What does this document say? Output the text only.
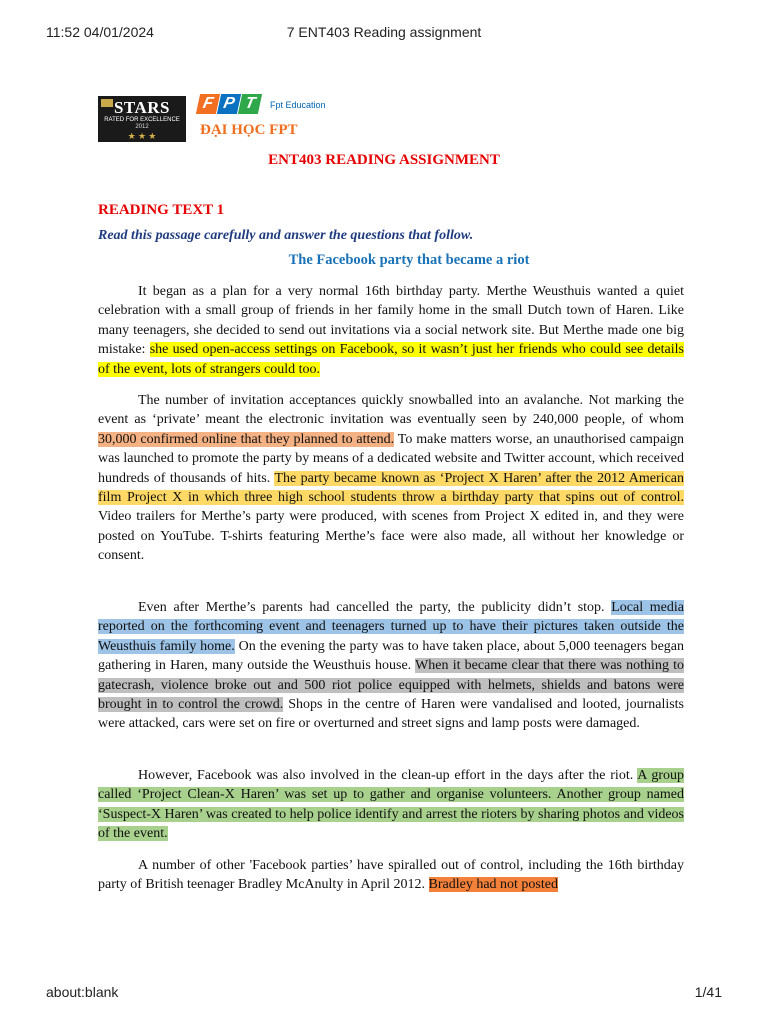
11:52 04/01/2024	7 ENT403 Reading assignment
STARS
RATED FOR EXCELLENCE
2012
★ ★ ★
F P T Fpt Education
ĐẠI HỌC FPT
ENT403 READING ASSIGNMENT
READING TEXT 1
Read this passage carefully and answer the questions that follow.
The Facebook party that became a riot
It began as a plan for a very normal 16th birthday party. Merthe Weusthuis wanted a quiet celebration with a small group of friends in her family home in the small Dutch town of Haren. Like many teenagers, she decided to send out invitations via a social network site. But Merthe made one big mistake: she used open-access settings on Facebook, so it wasn’t just her friends who could see details of the event, lots of strangers could too.
The number of invitation acceptances quickly snowballed into an avalanche. Not marking the event as ‘private’ meant the electronic invitation was eventually seen by 240,000 people, of whom 30,000 confirmed online that they planned to attend. To make matters worse, an unauthorised campaign was launched to promote the party by means of a dedicated website and Twitter account, which received hundreds of thousands of hits. The party became known as ‘Project X Haren’ after the 2012 American film Project X in which three high school students throw a birthday party that spins out of control. Video trailers for Merthe’s party were produced, with scenes from Project X edited in, and they were posted on YouTube. T-shirts featuring Merthe’s face were also made, all without her knowledge or consent.
Even after Merthe’s parents had cancelled the party, the publicity didn’t stop. Local media reported on the forthcoming event and teenagers turned up to have their pictures taken outside the Weusthuis family home. On the evening the party was to have taken place, about 5,000 teenagers began gathering in Haren, many outside the Weusthuis house. When it became clear that there was nothing to gatecrash, violence broke out and 500 riot police equipped with helmets, shields and batons were brought in to control the crowd. Shops in the centre of Haren were vandalised and looted, journalists were attacked, cars were set on fire or overturned and street signs and lamp posts were damaged.
However, Facebook was also involved in the clean-up effort in the days after the riot. A group called ‘Project Clean-X Haren’ was set up to gather and organise volunteers. Another group named ‘Suspect-X Haren’ was created to help police identify and arrest the rioters by sharing photos and videos of the event.
A number of other 'Facebook parties’ have spiralled out of control, including the 16th birthday party of British teenager Bradley McAnulty in April 2012. Bradley had not posted
about:blank	1/41
